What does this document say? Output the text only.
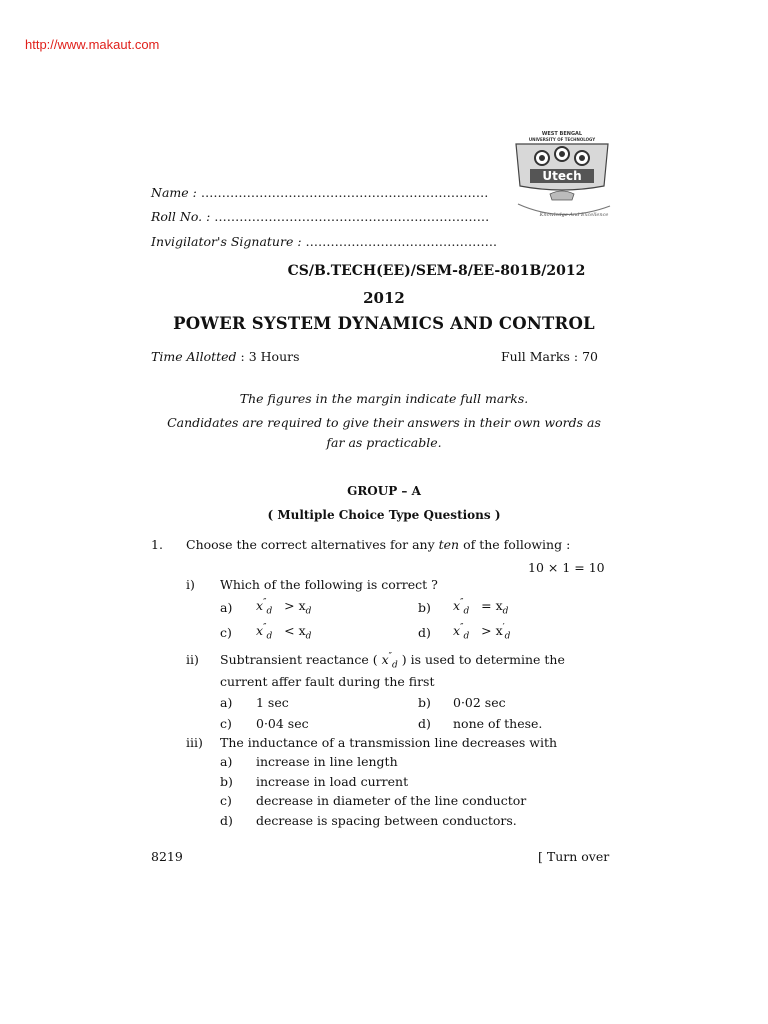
http://www.makaut.com
WEST BENGAL
UNIVERSITY OF TECHNOLOGY
Utech
Knowledge And Excellence
Name : ……………………………………………………………
Roll No. : …………………………………………………………
Invigilator's Signature : ……………………………………….
CS/B.TECH(EE)/SEM-8/EE-801B/2012
2012
POWER SYSTEM DYNAMICS AND CONTROL
Time Allotted : 3 Hours	Full Marks : 70
The figures in the margin indicate full marks.
Candidates are required to give their answers in their own words as
far as practicable.
GROUP – A
( Multiple Choice Type Questions )
1. Choose the correct alternatives for any ten of the following :
10 × 1 = 10
i) Which of the following is correct ?
a) $x''_d > x_d$	b) $x''_d = x_d$
c) $x''_d < x_d$	d) $x''_d > x'_d$
ii) Subtransient reactance ( $x''_d$ ) is used to determine the
current affer fault during the first
a) 1 sec	b) 0·02 sec
c) 0·04 sec	d) none of these.
iii) The inductance of a transmission line decreases with
a) increase in line length
b) increase in load current
c) decrease in diameter of the line conductor
d) decrease is spacing between conductors.
8219	[ Turn over
